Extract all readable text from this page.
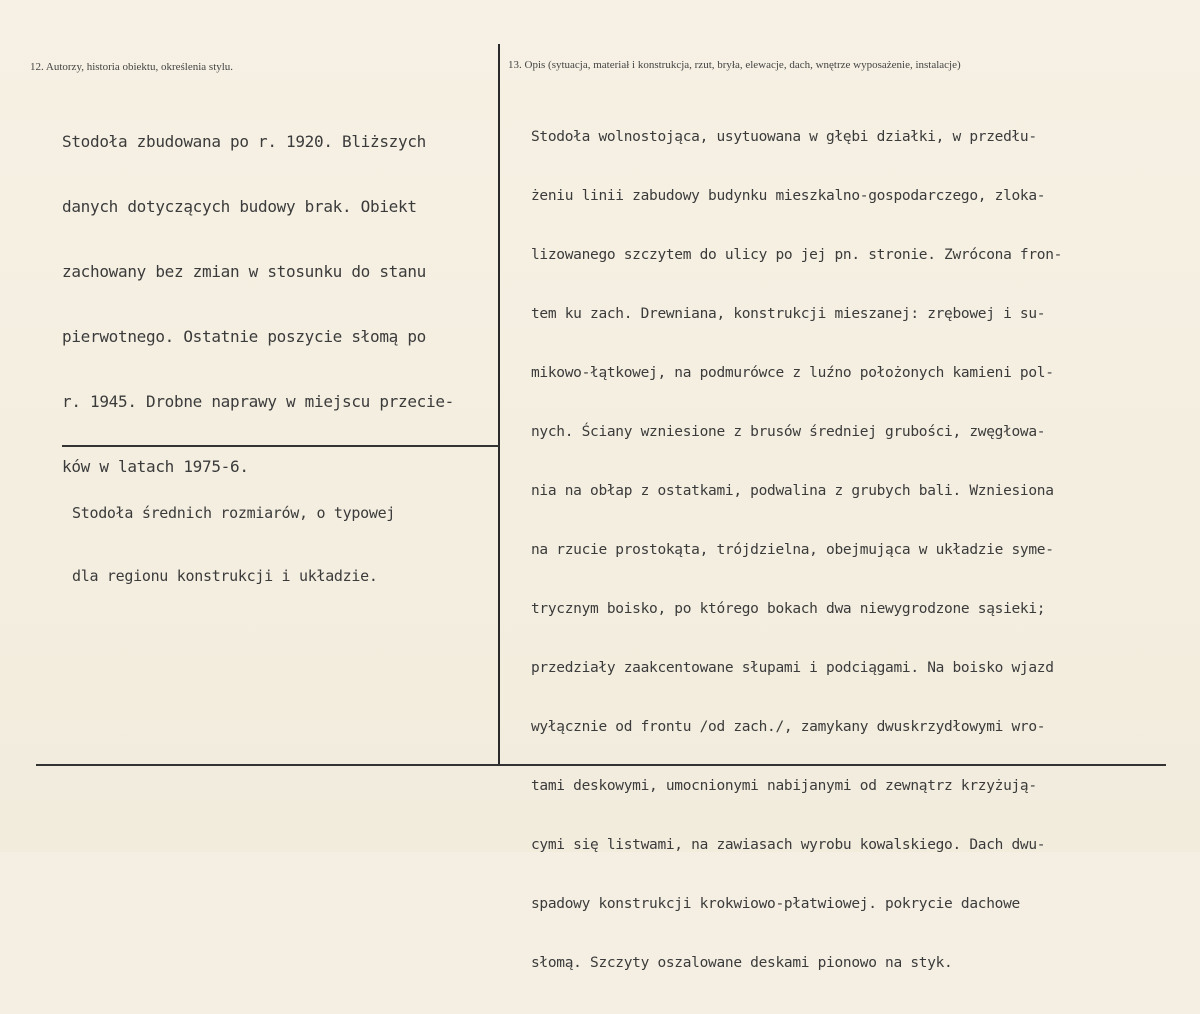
12. Autorzy, historia obiektu, określenia stylu.	13. Opis (sytuacja, materiał i konstrukcja, rzut, bryła, elewacje, dach, wnętrze wyposażenie, instalacje)

Stodoła zbudowana po r. 1920. Bliższych

danych dotyczących budowy brak. Obiekt

zachowany bez zmian w stosunku do stanu

pierwotnego. Ostatnie poszycie słomą po

r. 1945. Drobne naprawy w miejscu przecie-

ków w latach 1975-6.

Stodoła średnich rozmiarów, o typowej

dla regionu konstrukcji i układzie.

Stodoła wolnostojąca, usytuowana w głębi działki, w przedłu-

żeniu linii zabudowy budynku mieszkalno-gospodarczego, zloka-

lizowanego szczytem do ulicy po jej pn. stronie. Zwrócona fron-

tem ku zach. Drewniana, konstrukcji mieszanej: zrębowej i su-

mikowo-łątkowej, na podmurówce z luźno położonych kamieni pol-

nych. Ściany wzniesione z brusów średniej grubości, zwęgłowa-

nia na obłap z ostatkami, podwalina z grubych bali. Wzniesiona

na rzucie prostokąta, trójdzielna, obejmująca w układzie syme-

trycznym boisko, po którego bokach dwa niewygrodzone sąsieki;

przedziały zaakcentowane słupami i podciągami. Na boisko wjazd

wyłącznie od frontu /od zach./, zamykany dwuskrzydłowymi wro-

tami deskowymi, umocnionymi nabijanymi od zewnątrz krzyżują-

cymi się listwami, na zawiasach wyrobu kowalskiego. Dach dwu-

spadowy konstrukcji krokwiowo-płatwiowej. pokrycie dachowe

słomą. Szczyty oszalowane deskami pionowo na styk.
